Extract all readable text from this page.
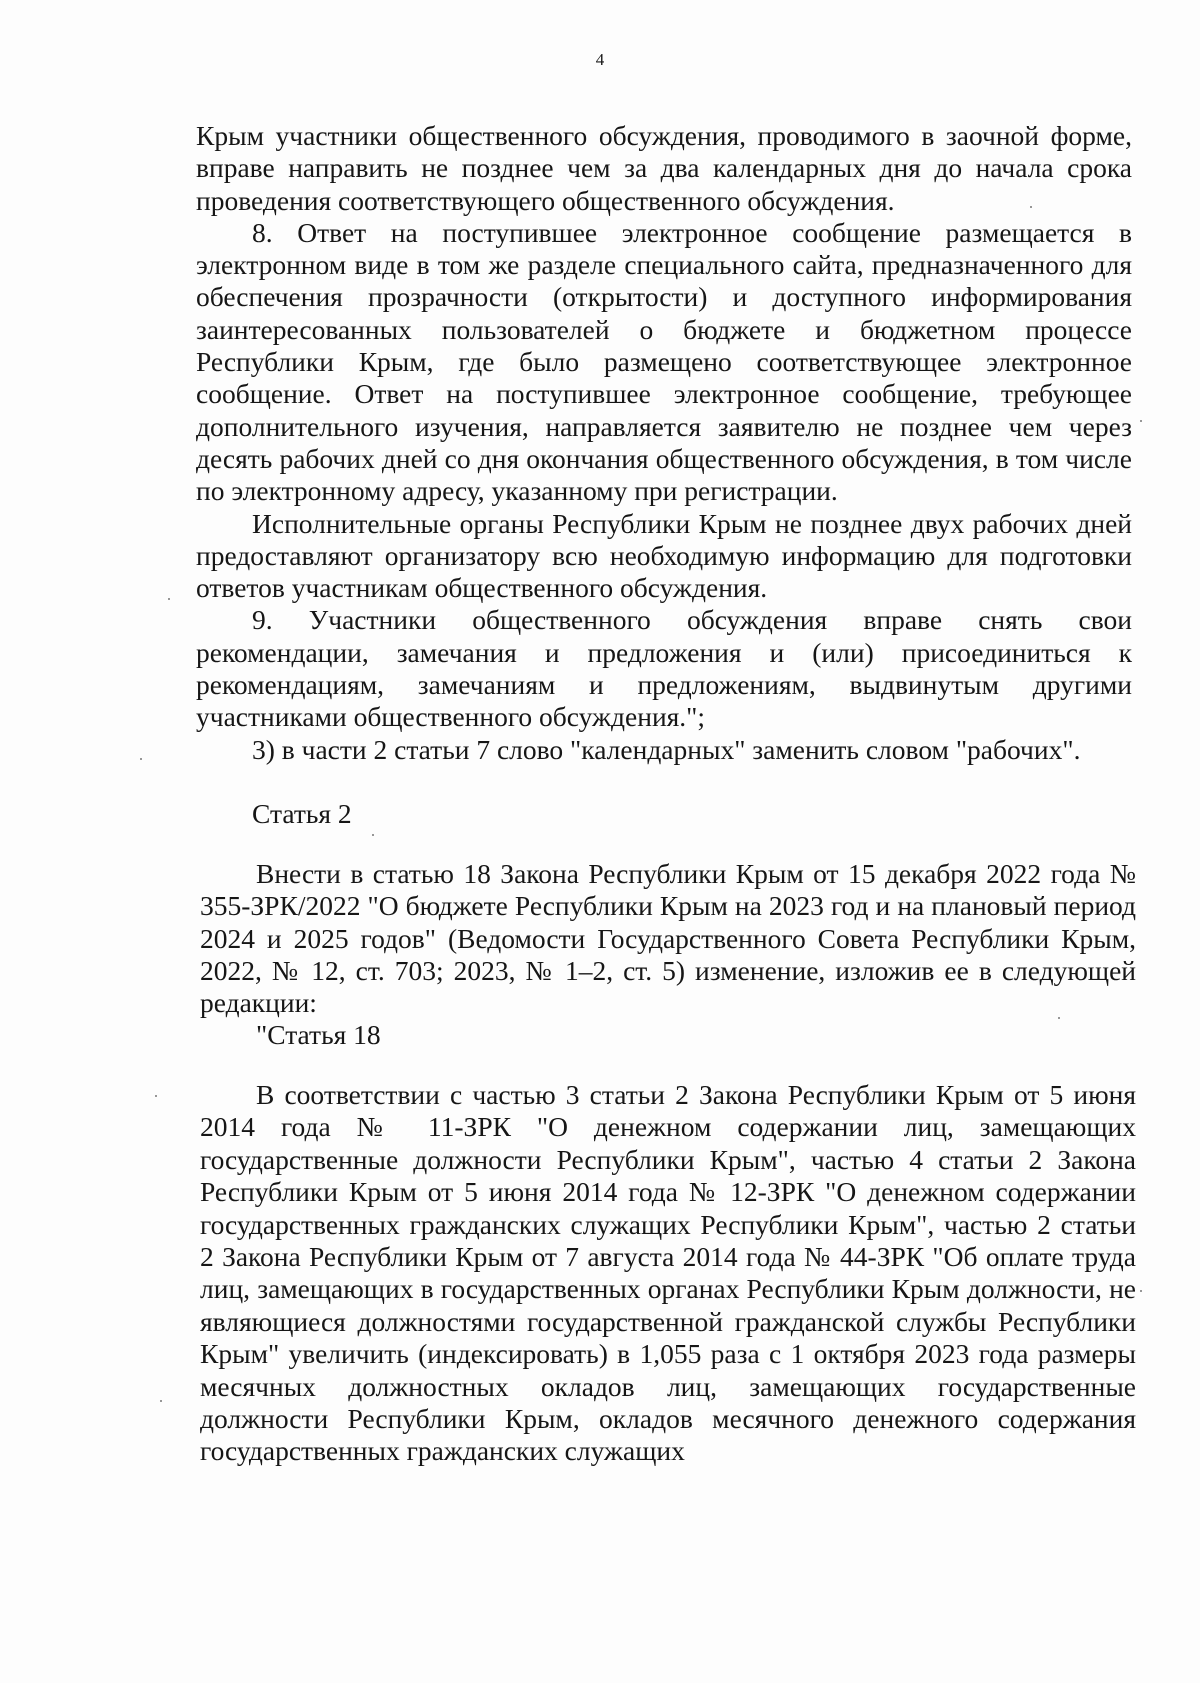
4

Крым участники общественного обсуждения, проводимого в заочной форме, вправе направить не позднее чем за два календарных дня до начала срока проведения соответствующего общественного обсуждения.

8. Ответ на поступившее электронное сообщение размещается в электронном виде в том же разделе специального сайта, предназначенного для обеспечения прозрачности (открытости) и доступного информирования заинтересованных пользователей о бюджете и бюджетном процессе Республики Крым, где было размещено соответствующее электронное сообщение. Ответ на поступившее электронное сообщение, требующее дополнительного изучения, направляется заявителю не позднее чем через десять рабочих дней со дня окончания общественного обсуждения, в том числе по электронному адресу, указанному при регистрации.

Исполнительные органы Республики Крым не позднее двух рабочих дней предоставляют организатору всю необходимую информацию для подготовки ответов участникам общественного обсуждения.

9. Участники общественного обсуждения вправе снять свои рекомендации, замечания и предложения и (или) присоединиться к рекомендациям, замечаниям и предложениям, выдвинутым другими участниками общественного обсуждения.";

3) в части 2 статьи 7 слово "календарных" заменить словом "рабочих".

Статья 2

Внести в статью 18 Закона Республики Крым от 15 декабря 2022 года № 355-ЗРК/2022 "О бюджете Республики Крым на 2023 год и на плановый период 2024 и 2025 годов" (Ведомости Государственного Совета Республики Крым, 2022, № 12, ст. 703; 2023, № 1–2, ст. 5) изменение, изложив ее в следующей редакции:

"Статья 18

В соответствии с частью 3 статьи 2 Закона Республики Крым от 5 июня 2014 года № 11-ЗРК "О денежном содержании лиц, замещающих государственные должности Республики Крым", частью 4 статьи 2 Закона Республики Крым от 5 июня 2014 года № 12-ЗРК "О денежном содержании государственных гражданских служащих Республики Крым", частью 2 статьи 2 Закона Республики Крым от 7 августа 2014 года № 44-ЗРК "Об оплате труда лиц, замещающих в государственных органах Республики Крым должности, не являющиеся должностями государственной гражданской службы Республики Крым" увеличить (индексировать) в 1,055 раза с 1 октября 2023 года размеры месячных должностных окладов лиц, замещающих государственные должности Республики Крым, окладов месячного денежного содержания государственных гражданских служащих
